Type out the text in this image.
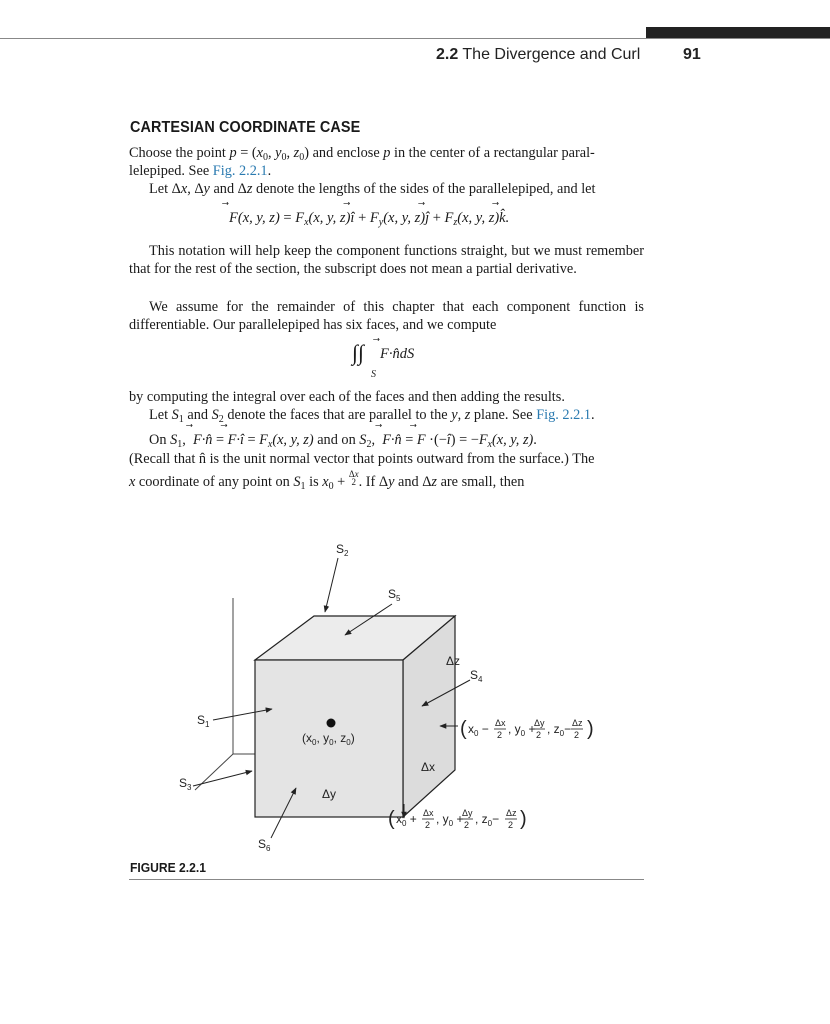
2.2 The Divergence and Curl	91
CARTESIAN COORDINATE CASE
Choose the point $p = (x_0$, $y_0$, $z_0$) and enclose p in the center of a rectangular paral-
lelepiped. See Fig. 2.2.1.
Let Δx, Δy and Δz denote the lengths of the sides of the parallelepiped, and let
⃗ F(x, y, $z) = F_x(x$, y, z)⃗ î + $F_y(x$, y, z)⃗ ĵ + $F_z(x$, y, z)⃗ k̂.
This notation will help keep the component functions straight, but we must remember that for the rest of the section, the subscript does not mean a partial derivative.
We assume for the remainder of this chapter that each component function is differentiable. Our parallelepiped has six faces, and we compute
∫∫
⃗ F·n̂dS
S
by computing the integral over each of the faces and then adding the results.
Let $S_1$ and $S_2$ denote the faces that are parallel to the y, z plane. See Fig. 2.2.1.
On $S_1$,  ⃗ F·n̂ = ⃗ F·î = $F_x(x$, y, z) and on $S_2$,  ⃗ F·n̂ = ⃗ F ·(−î) = $-F_x(x$, y, z).
(Recall that n̂ is the unit normal vector that points outward from the surface.) The
x coordinate of any point on $S_1$ is $x_0 + \Delta x$
2 . If Δy and Δz are small, then
$S_2$
$S_5$
$S_4$
$S_1$
$S_3$
$S_6$
Δz
Δx
Δy
($x_0$, $y_0$, $z_0$)	( $x_0 - \Delta x$
2 , $y_0$ +
Δy
2 , $z_0- \Delta z$
2 )
( $x_0 + \Delta x$
2 , $y_0$ +
Δy
2 , $z_0- \Delta z$
2 )
FIGURE 2.2.1
